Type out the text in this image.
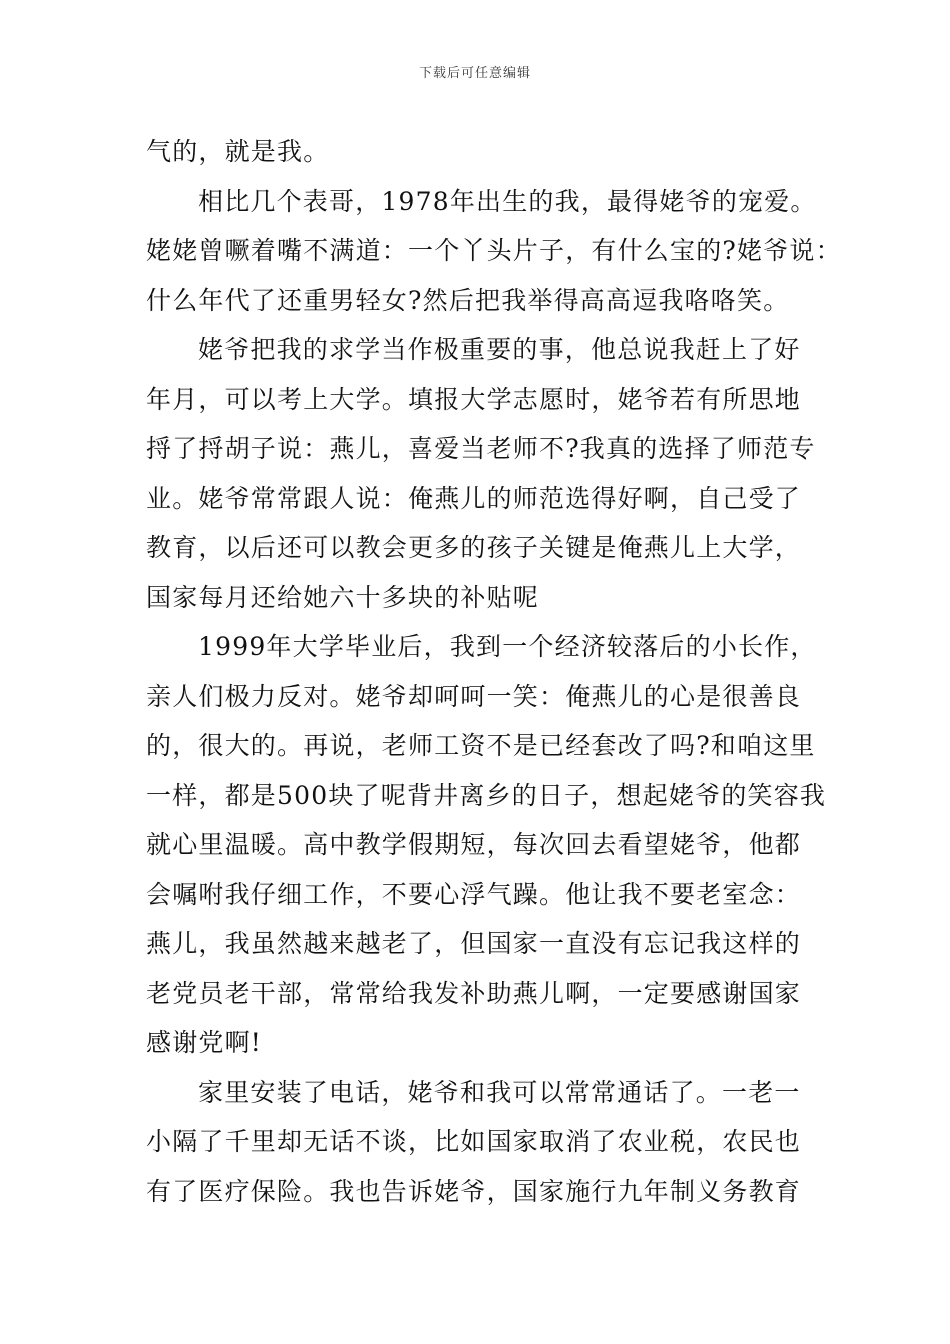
下载后可任意编辑
气的，就是我。
相比几个表哥，1978年出生的我，最得姥爷的宠爱。
姥姥曾噘着嘴不满道：一个丫头片子，有什么宝的?姥爷说：
什么年代了还重男轻女?然后把我举得高高逗我咯咯笑。
姥爷把我的求学当作极重要的事，他总说我赶上了好
年月，可以考上大学。填报大学志愿时，姥爷若有所思地
捋了捋胡子说：燕儿，喜爱当老师不?我真的选择了师范专
业。姥爷常常跟人说：俺燕儿的师范选得好啊，自己受了
教育，以后还可以教会更多的孩子关键是俺燕儿上大学，
国家每月还给她六十多块的补贴呢
1999年大学毕业后，我到一个经济较落后的小长作，
亲人们极力反对。姥爷却呵呵一笑：俺燕儿的心是很善良
的，很大的。再说，老师工资不是已经套改了吗?和咱这里
一样，都是500块了呢背井离乡的日子，想起姥爷的笑容我
就心里温暖。高中教学假期短，每次回去看望姥爷，他都
会嘱咐我仔细工作，不要心浮气躁。他让我不要老室念：
燕儿，我虽然越来越老了，但国家一直没有忘记我这样的
老党员老干部，常常给我发补助燕儿啊，一定要感谢国家
感谢党啊!
家里安装了电话，姥爷和我可以常常通话了。一老一
小隔了千里却无话不谈，比如国家取消了农业税，农民也
有了医疗保险。我也告诉姥爷，国家施行九年制义务教育
